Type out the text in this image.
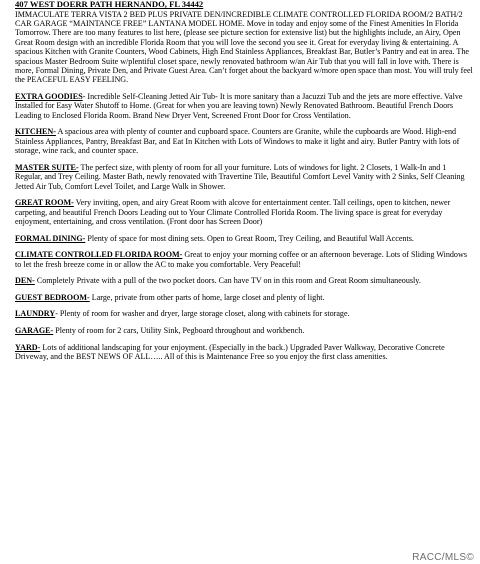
407 WEST DOERR PATH HERNANDO, FL 34442

IMMACULATE TERRA VISTA 2 BED PLUS PRIVATE DEN/INCREDIBLE CLIMATE CONTROLLED FLORIDA ROOM/2 BATH/2 CAR GARAGE “MAINTANCE FREE” LANTANA MODEL HOME. Move in today and enjoy some of the Finest Amenities In Florida Tomorrow. There are too many features to list here, (please see picture section for extensive list) but the highlights include, an Airy, Open Great Room design with an incredible Florida Room that you will love the second you see it. Great for everyday living & entertaining. A spacious Kitchen with Granite Counters, Wood Cabinets, High End Stainless Appliances, Breakfast Bar, Butler’s Pantry and eat in area. The spacious Master Bedroom Suite w/plentiful closet space, newly renovated bathroom w/an Air Tub that you will fall in love with. There is more, Formal Dining, Private Den, and Private Guest Area. Can’t forget about the backyard w/more open space than most. You will truly feel the PEACEFUL EASY FEELING.

EXTRA GOODIES- Incredible Self-Cleaning Jetted Air Tub- It is more sanitary than a Jacuzzi Tub and the jets are more effective. Valve Installed for Easy Water Shutoff to Home. (Great for when you are leaving town) Newly Renovated Bathroom. Beautiful French Doors Leading to Enclosed Florida Room. Brand New Dryer Vent, Screened Front Door for Cross Ventilation.

KITCHEN- A spacious area with plenty of counter and cupboard space. Counters are Granite, while the cupboards are Wood. High-end Stainless Appliances, Pantry, Breakfast Bar, and Eat In Kitchen with Lots of Windows to make it light and airy. Butler Pantry with lots of storage, wine rack, and counter space.

MASTER SUITE- The perfect size, with plenty of room for all your furniture. Lots of windows for light. 2 Closets, 1 Walk-In and 1 Regular, and Trey Ceiling. Master Bath, newly renovated with Travertine Tile, Beautiful Comfort Level Vanity with 2 Sinks, Self Cleaning Jetted Air Tub, Comfort Level Toilet, and Large Walk in Shower.

GREAT ROOM- Very inviting, open, and airy Great Room with alcove for entertainment center. Tall ceilings, open to kitchen, newer carpeting, and beautiful French Doors Leading out to Your Climate Controlled Florida Room. The living space is great for everyday enjoyment, entertaining, and cross ventilation. (Front door has Screen Door)

FORMAL DINING- Plenty of space for most dining sets. Open to Great Room, Trey Ceiling, and Beautiful Wall Accents.

CLIMATE CONTROLLED FLORIDA ROOM- Great to enjoy your morning coffee or an afternoon beverage. Lots of Sliding Windows to let the fresh breeze come in or allow the AC to make you comfortable. Very Peaceful!

DEN- Completely Private with a pull of the two pocket doors. Can have TV on in this room and Great Room simultaneously.

GUEST BEDROOM- Large, private from other parts of home, large closet and plenty of light.

LAUNDRY- Plenty of room for washer and dryer, large storage closet, along with cabinets for storage.

GARAGE- Plenty of room for 2 cars, Utility Sink, Pegboard throughout and workbench.

YARD- Lots of additional landscaping for your enjoyment. (Especially in the back.) Upgraded Paver Walkway, Decorative Concrete Driveway, and the BEST NEWS OF ALL….. All of this is Maintenance Free so you enjoy the first class amenities.

RACC/MLS©
